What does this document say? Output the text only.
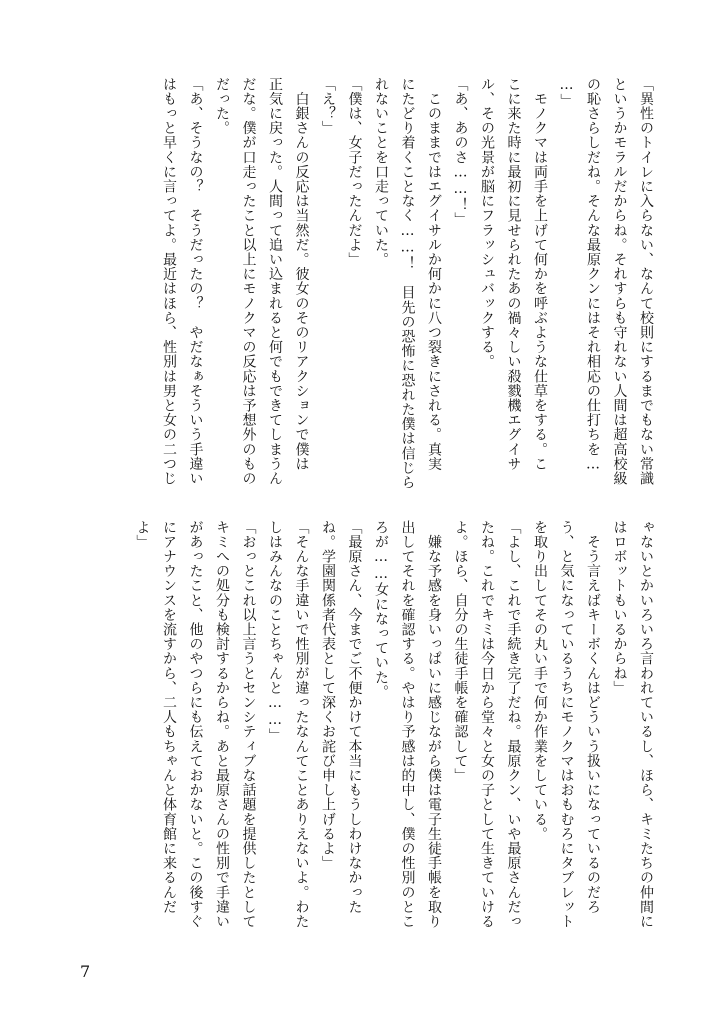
「異性のトイレに入らない、なんて校則にするまでもない常識
というかモラルだからね。それすらも守れない人間は超高校級
の恥さらしだね。そんな最原クンにはそれ相応の仕打ちを…
…」
　モノクマは両手を上げて何かを呼ぶような仕草をする。こ
こに来た時に最初に見せられたあの禍々しい殺戮機エグイサ
ル、その光景が脳にフラッシュバックする。
「あ、あのさ……！」
　このままではエグイサルか何かに八つ裂きにされる。真実
にたどり着くことなく……！　目先の恐怖に恐れた僕は信じら
れないことを口走っていた。
「僕は、女子だったんだよ」
「え？」
　白銀さんの反応は当然だ。彼女のそのリアクションで僕は
正気に戻った。人間って追い込まれると何でもできてしまうん
だな。僕が口走ったこと以上にモノクマの反応は予想外のもの
だった。
「あ、そうなの？　そうだったの？　やだなぁそういう手違い
はもっと早くに言ってよ。最近はほら、性別は男と女の二つじ
ゃないとかいろいろ言われているし、ほら、キミたちの仲間に
はロボットもいるからね」
　そう言えばキーボくんはどういう扱いになっているのだろ
う、と気になっているうちにモノクマはおもむろにタブレット
を取り出してその丸い手で何か作業をしている。
「よし、これで手続き完了だね。最原クン、いや最原さんだっ
たね。これでキミは今日から堂々と女の子として生きていける
よ。ほら、自分の生徒手帳を確認して」
　嫌な予感を身いっぱいに感じながら僕は電子生徒手帳を取り
出してそれを確認する。やはり予感は的中し、僕の性別のとこ
ろが……女になっていた。
「最原さん、今までご不便かけて本当にもうしわけなかった
ね。学園関係者代表として深くお詫び申し上げるよ」
「そんな手違いで性別が違ったなんてことありえないよ。わた
しはみんなのことちゃんと……」
「おっとこれ以上言うとセンシティブな話題を提供したとして
キミへの処分も検討するからね。あと最原さんの性別で手違い
があったこと、他のやつらにも伝えておかないと。この後すぐ
にアナウンスを流すから、二人もちゃんと体育館に来るんだ
よ」
7
